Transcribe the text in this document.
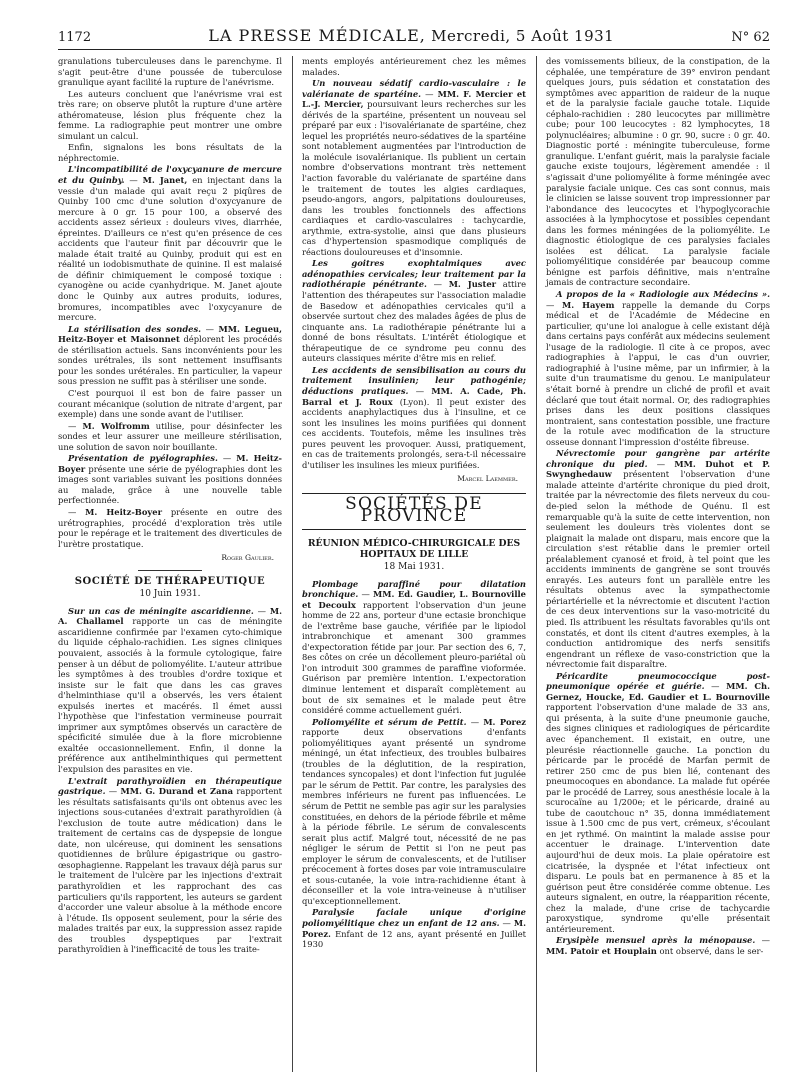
1172	LA PRESSE MÉDICALE, Mercredi, 5 Août 1931	N° 62

granulations tuberculeuses dans le parenchyme. Il s'agit peut-être d'une poussée de tuberculose granulique ayant facilité la rupture de l'anévrisme.

Les auteurs concluent que l'anévrisme vrai est très rare; on observe plutôt la rupture d'une artère athéromateuse, lésion plus fréquente chez la femme. La radiographie peut montrer une ombre simulant un calcul.

Enfin, signalons les bons résultats de la néphrectomie.

L'incompatibilité de l'oxycyanure de mercure et du Quinby. — M. Janet, en injectant dans la vessie d'un malade qui avait reçu 2 piqûres de Quinby 100 cmc d'une solution d'oxycyanure de mercure à 0 gr. 15 pour 100, a observé des accidents assez sérieux : douleurs vives, diarrhée, épreintes. D'ailleurs ce n'est qu'en présence de ces accidents que l'auteur finit par découvrir que le malade était traité au Quinby, produit qui est en réalité un iodobismuthate de quinine. Il est malaisé de définir chimiquement le composé toxique : cyanogène ou acide cyanhydrique. M. Janet ajoute donc le Quinby aux autres produits, iodures, bromures, incompatibles avec l'oxycyanure de mercure.

La stérilisation des sondes. — MM. Legueu, Heitz-Boyer et Maisonnet déplorent les procédés de stérilisation actuels. Sans inconvénients pour les sondes urétrales, ils sont nettement insuffisants pour les sondes urétérales. En particulier, la vapeur sous pression ne suffit pas à stériliser une sonde.

C'est pourquoi il est bon de faire passer un courant mécanique (solution de nitrate d'argent, par exemple) dans une sonde avant de l'utiliser.

— M. Wolfromm utilise, pour désinfecter les sondes et leur assurer une meilleure stérilisation, une solution de savon noir bouillante.

Présentation de pyélographies. — M. Heitz-Boyer présente une série de pyélographies dont les images sont variables suivant les positions données au malade, grâce à une nouvelle table perfectionnée.

— M. Heitz-Boyer présente en outre des urétrographies, procédé d'exploration très utile pour le repérage et le traitement des diverticules de l'urètre prostatique.

Roger Gaulier.
SOCIÉTÉ DE THÉRAPEUTIQUE
10 Juin 1931.

Sur un cas de méningite ascaridienne. — M. A. Challamel rapporte un cas de méningite ascaridienne confirmée par l'examen cyto-chimique du liquide céphalo-rachidien. Les signes cliniques pouvaient, associés à la formule cytologique, faire penser à un début de poliomyélite. L'auteur attribue les symptômes à des troubles d'ordre toxique et insiste sur le fait que dans les cas graves d'helminthiase qu'il a observés, les vers étaient expulsés inertes et macérés. Il émet aussi l'hypothèse que l'infestation vermineuse pourrait imprimer aux symptômes observés un caractère de spécificité simulée due à la flore microbienne exaltée occasionnellement. Enfin, il donne la préférence aux antihelminthiques qui permettent l'expulsion des parasites en vie.

L'extrait parathyroïdien en thérapeutique gastrique. — MM. G. Durand et Zana rapportent les résultats satisfaisants qu'ils ont obtenus avec les injections sous-cutanées d'extrait parathyroïdien (à l'exclusion de toute autre médication) dans le traitement de certains cas de dyspepsie de longue date, non ulcéreuse, qui dominent les sensations quotidiennes de brûlure épigastrique ou gastro-œsophagienne. Rappelant les travaux déjà parus sur le traitement de l'ulcère par les injections d'extrait parathyroïdien et les rapprochant des cas particuliers qu'ils rapportent, les auteurs se gardent d'accorder une valeur absolue à la méthode encore à l'étude. Ils opposent seulement, pour la série des malades traités par eux, la suppression assez rapide des troubles dyspeptiques par l'extrait parathyroïdien à l'inefficacité de tous les traite-

ments employés antérieurement chez les mêmes malades.

Un nouveau sédatif cardio-vasculaire : le valérianate de spartéine. — MM. F. Mercier et L.-J. Mercier, poursuivant leurs recherches sur les dérivés de la spartéine, présentent un nouveau sel préparé par eux : l'isovalérianate de spartéine, chez lequel les propriétés neuro-sédatives de la spartéine sont notablement augmentées par l'introduction de la molécule isovalérianique. Ils publient un certain nombre d'observations montrant très nettement l'action favorable du valérianate de spartéine dans le traitement de toutes les algies cardiaques, pseudo-angors, angors, palpitations douloureuses, dans les troubles fonctionnels des affections cardiaques et cardio-vasculaires : tachycardie, arythmie, extra-systolie, ainsi que dans plusieurs cas d'hypertension spasmodique compliqués de réactions douloureuses et d'insomnie.

Les goitres exophtalmiques avec adénopathies cervicales; leur traitement par la radiothérapie pénétrante. — M. Juster attire l'attention des thérapeutes sur l'association maladie de Basedow et adénopathies cervicales qu'il a observée surtout chez des malades âgées de plus de cinquante ans. La radiothérapie pénétrante lui a donné de bons résultats. L'intérêt étiologique et thérapeutique de ce syndrome peu connu des auteurs classiques mérite d'être mis en relief.

Les accidents de sensibilisation au cours du traitement insulinien; leur pathogénie; déductions pratiques. — MM. A. Cade, Ph. Barral et J. Roux (Lyon). Il peut exister des accidents anaphylactiques dus à l'insuline, et ce sont les insulines les moins purifiées qui donnent ces accidents. Toutefois, même les insulines très pures peuvent les provoquer. Aussi, pratiquement, en cas de traitements prolongés, sera-t-il nécessaire d'utiliser les insulines les mieux purifiées.

Marcel Laemmer.
SOCIÉTÉS DE PROVINCE
RÉUNION MÉDICO-CHIRURGICALE DES HOPITAUX DE LILLE
18 Mai 1931.

Plombage paraffiné pour dilatation bronchique. — MM. Ed. Gaudier, L. Bournoville et Decoulx rapportent l'observation d'un jeune homme de 22 ans, porteur d'une ectasie bronchique de l'extrême base gauche, vérifiée par le lipiodol intrabronchique et amenant 300 grammes d'expectoration fétide par jour. Par section des 6, 7, 8es côtes on crée un décollement pleuro-pariétal où l'on introduit 300 grammes de paraffine vioformée. Guérison par première intention. L'expectoration diminue lentement et disparaît complètement au bout de six semaines et le malade peut être considéré comme actuellement guéri.

Poliomyélite et sérum de Pettit. — M. Porez rapporte deux observations d'enfants poliomyélitiques ayant présenté un syndrome méningé, un état infectieux, des troubles bulbaires (troubles de la déglutition, de la respiration, tendances syncopales) et dont l'infection fut jugulée par le sérum de Pettit. Par contre, les paralysies des membres inférieurs ne furent pas influencées. Le sérum de Pettit ne semble pas agir sur les paralysies constituées, en dehors de la période fébrile et même à la période fébrile. Le sérum de convalescents serait plus actif. Malgré tout, nécessité de ne pas négliger le sérum de Pettit si l'on ne peut pas employer le sérum de convalescents, et de l'utiliser précocement à fortes doses par voie intramusculaire et sous-cutanée, la voie intra-rachidienne étant à déconseiller et la voie intra-veineuse à n'utiliser qu'exceptionnellement.

Paralysie faciale unique d'origine poliomyélitique chez un enfant de 12 ans. — M. Porez. Enfant de 12 ans, ayant présenté en Juillet 1930

des vomissements bilieux, de la constipation, de la céphalée, une température de 39° environ pendant quelques jours, puis sédation et constatation des symptômes avec apparition de raideur de la nuque et de la paralysie faciale gauche totale. Liquide céphalo-rachidien : 280 leucocytes par millimètre cube; pour 100 leucocytes : 82 lymphocytes, 18 polynucléaires; albumine : 0 gr. 90, sucre : 0 gr. 40. Diagnostic porté : méningite tuberculeuse, forme granulique. L'enfant guérit, mais la paralysie faciale gauche existe toujours, légèrement amendée : il s'agissait d'une poliomyélite à forme méningée avec paralysie faciale unique. Ces cas sont connus, mais le clinicien se laisse souvent trop impressionner par l'abondance des leucocytes et l'hypoglycorachie associées à la lymphocytose et possibles cependant dans les formes méningées de la poliomyélite. Le diagnostic étiologique de ces paralysies faciales isolées est délicat. La paralysie faciale poliomyélitique considérée par beaucoup comme bénigne est parfois définitive, mais n'entraîne jamais de contracture secondaire.

A propos de la « Radiologie aux Médecins ». — M. Hayem rappelle la demande du Corps médical et de l'Académie de Médecine en particulier, qu'une loi analogue à celle existant déjà dans certains pays conférât aux médecins seulement l'usage de la radiologie. Il cite à ce propos, avec radiographies à l'appui, le cas d'un ouvrier, radiographié à l'usine même, par un infirmier, à la suite d'un traumatisme du genou. Le manipulateur s'était borné à prendre un cliché de profil et avait déclaré que tout était normal. Or, des radiographies prises dans les deux positions classiques montraient, sans contestation possible, une fracture de la rotule avec modification de la structure osseuse donnant l'impression d'ostéite fibreuse.

Névrectomie pour gangrène par artérite chronique du pied. — MM. Duhot et P. Swynghedauw présentent l'observation d'une malade atteinte d'artérite chronique du pied droit, traitée par la névrectomie des filets nerveux du cou-de-pied selon la méthode de Quénu. Il est remarquable qu'à la suite de cette intervention, non seulement les douleurs très violentes dont se plaignait la malade ont disparu, mais encore que la circulation s'est rétablie dans le premier orteil préalablement cyanosé et froid, à tel point que les accidents imminents de gangrène se sont trouvés enrayés. Les auteurs font un parallèle entre les résultats obtenus avec la sympathectomie périartérielle et la névrectomie et discutent l'action de ces deux interventions sur la vaso-motricité du pied. Ils attribuent les résultats favorables qu'ils ont constatés, et dont ils citent d'autres exemples, à la conduction antidromique des nerfs sensitifs engendrant un réflexe de vaso-constriction que la névrectomie fait disparaître.

Péricardite pneumococcique post-pneumonique opérée et guérie. — MM. Ch. Gernez, Houcke, Ed. Gaudier et L. Bournoville rapportent l'observation d'une malade de 33 ans, qui présenta, à la suite d'une pneumonie gauche, des signes cliniques et radiologiques de péricardite avec épanchement. Il existait, en outre, une pleurésie réactionnelle gauche. La ponction du péricarde par le procédé de Marfan permit de retirer 250 cmc de pus bien lié, contenant des pneumocoques en abondance. La malade fut opérée par le procédé de Larrey, sous anesthésie locale à la scurocaïne au 1/200e; et le péricarde, drainé au tube de caoutchouc n° 35, donna immédiatement issue à 1.500 cmc de pus vert, crémeux, s'écoulant en jet rythmé. On maintint la malade assise pour accentuer le drainage. L'intervention date aujourd'hui de deux mois. La plaie opératoire est cicatrisée, la dyspnée et l'état infectieux ont disparu. Le pouls bat en permanence à 85 et la guérison peut être considérée comme obtenue. Les auteurs signalent, en outre, la réapparition récente, chez la malade, d'une crise de tachycardie paroxystique, syndrome qu'elle présentait antérieurement.

Erysipèle mensuel après la ménopause. — MM. Patoir et Houplain ont observé, dans le ser-
